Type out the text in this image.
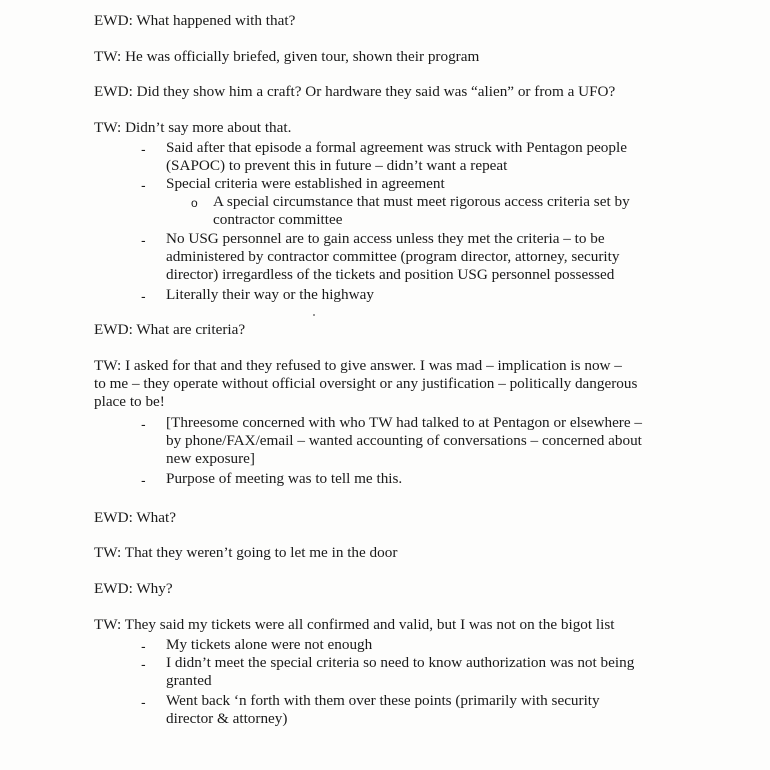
EWD: What happened with that?
TW: He was officially briefed, given tour, shown their program
EWD: Did they show him a craft? Or hardware they said was “alien” or from a UFO?
TW: Didn’t say more about that.
- Said after that episode a formal agreement was struck with Pentagon people
(SAPOC) to prevent this in future – didn’t want a repeat
- Special criteria were established in agreement
o A special circumstance that must meet rigorous access criteria set by
contractor committee
- No USG personnel are to gain access unless they met the criteria – to be
administered by contractor committee (program director, attorney, security
director) irregardless of the tickets and position USG personnel possessed
- Literally their way or the highway
EWD: What are criteria?
TW: I asked for that and they refused to give answer. I was mad – implication is now –
to me – they operate without official oversight or any justification – politically dangerous
place to be!
- [Threesome concerned with who TW had talked to at Pentagon or elsewhere –
by phone/FAX/email – wanted accounting of conversations – concerned about
new exposure]
- Purpose of meeting was to tell me this.
EWD: What?
TW: That they weren’t going to let me in the door
EWD: Why?
TW: They said my tickets were all confirmed and valid, but I was not on the bigot list
- My tickets alone were not enough
- I didn’t meet the special criteria so need to know authorization was not being
granted
- Went back ‘n forth with them over these points (primarily with security
director & attorney)
